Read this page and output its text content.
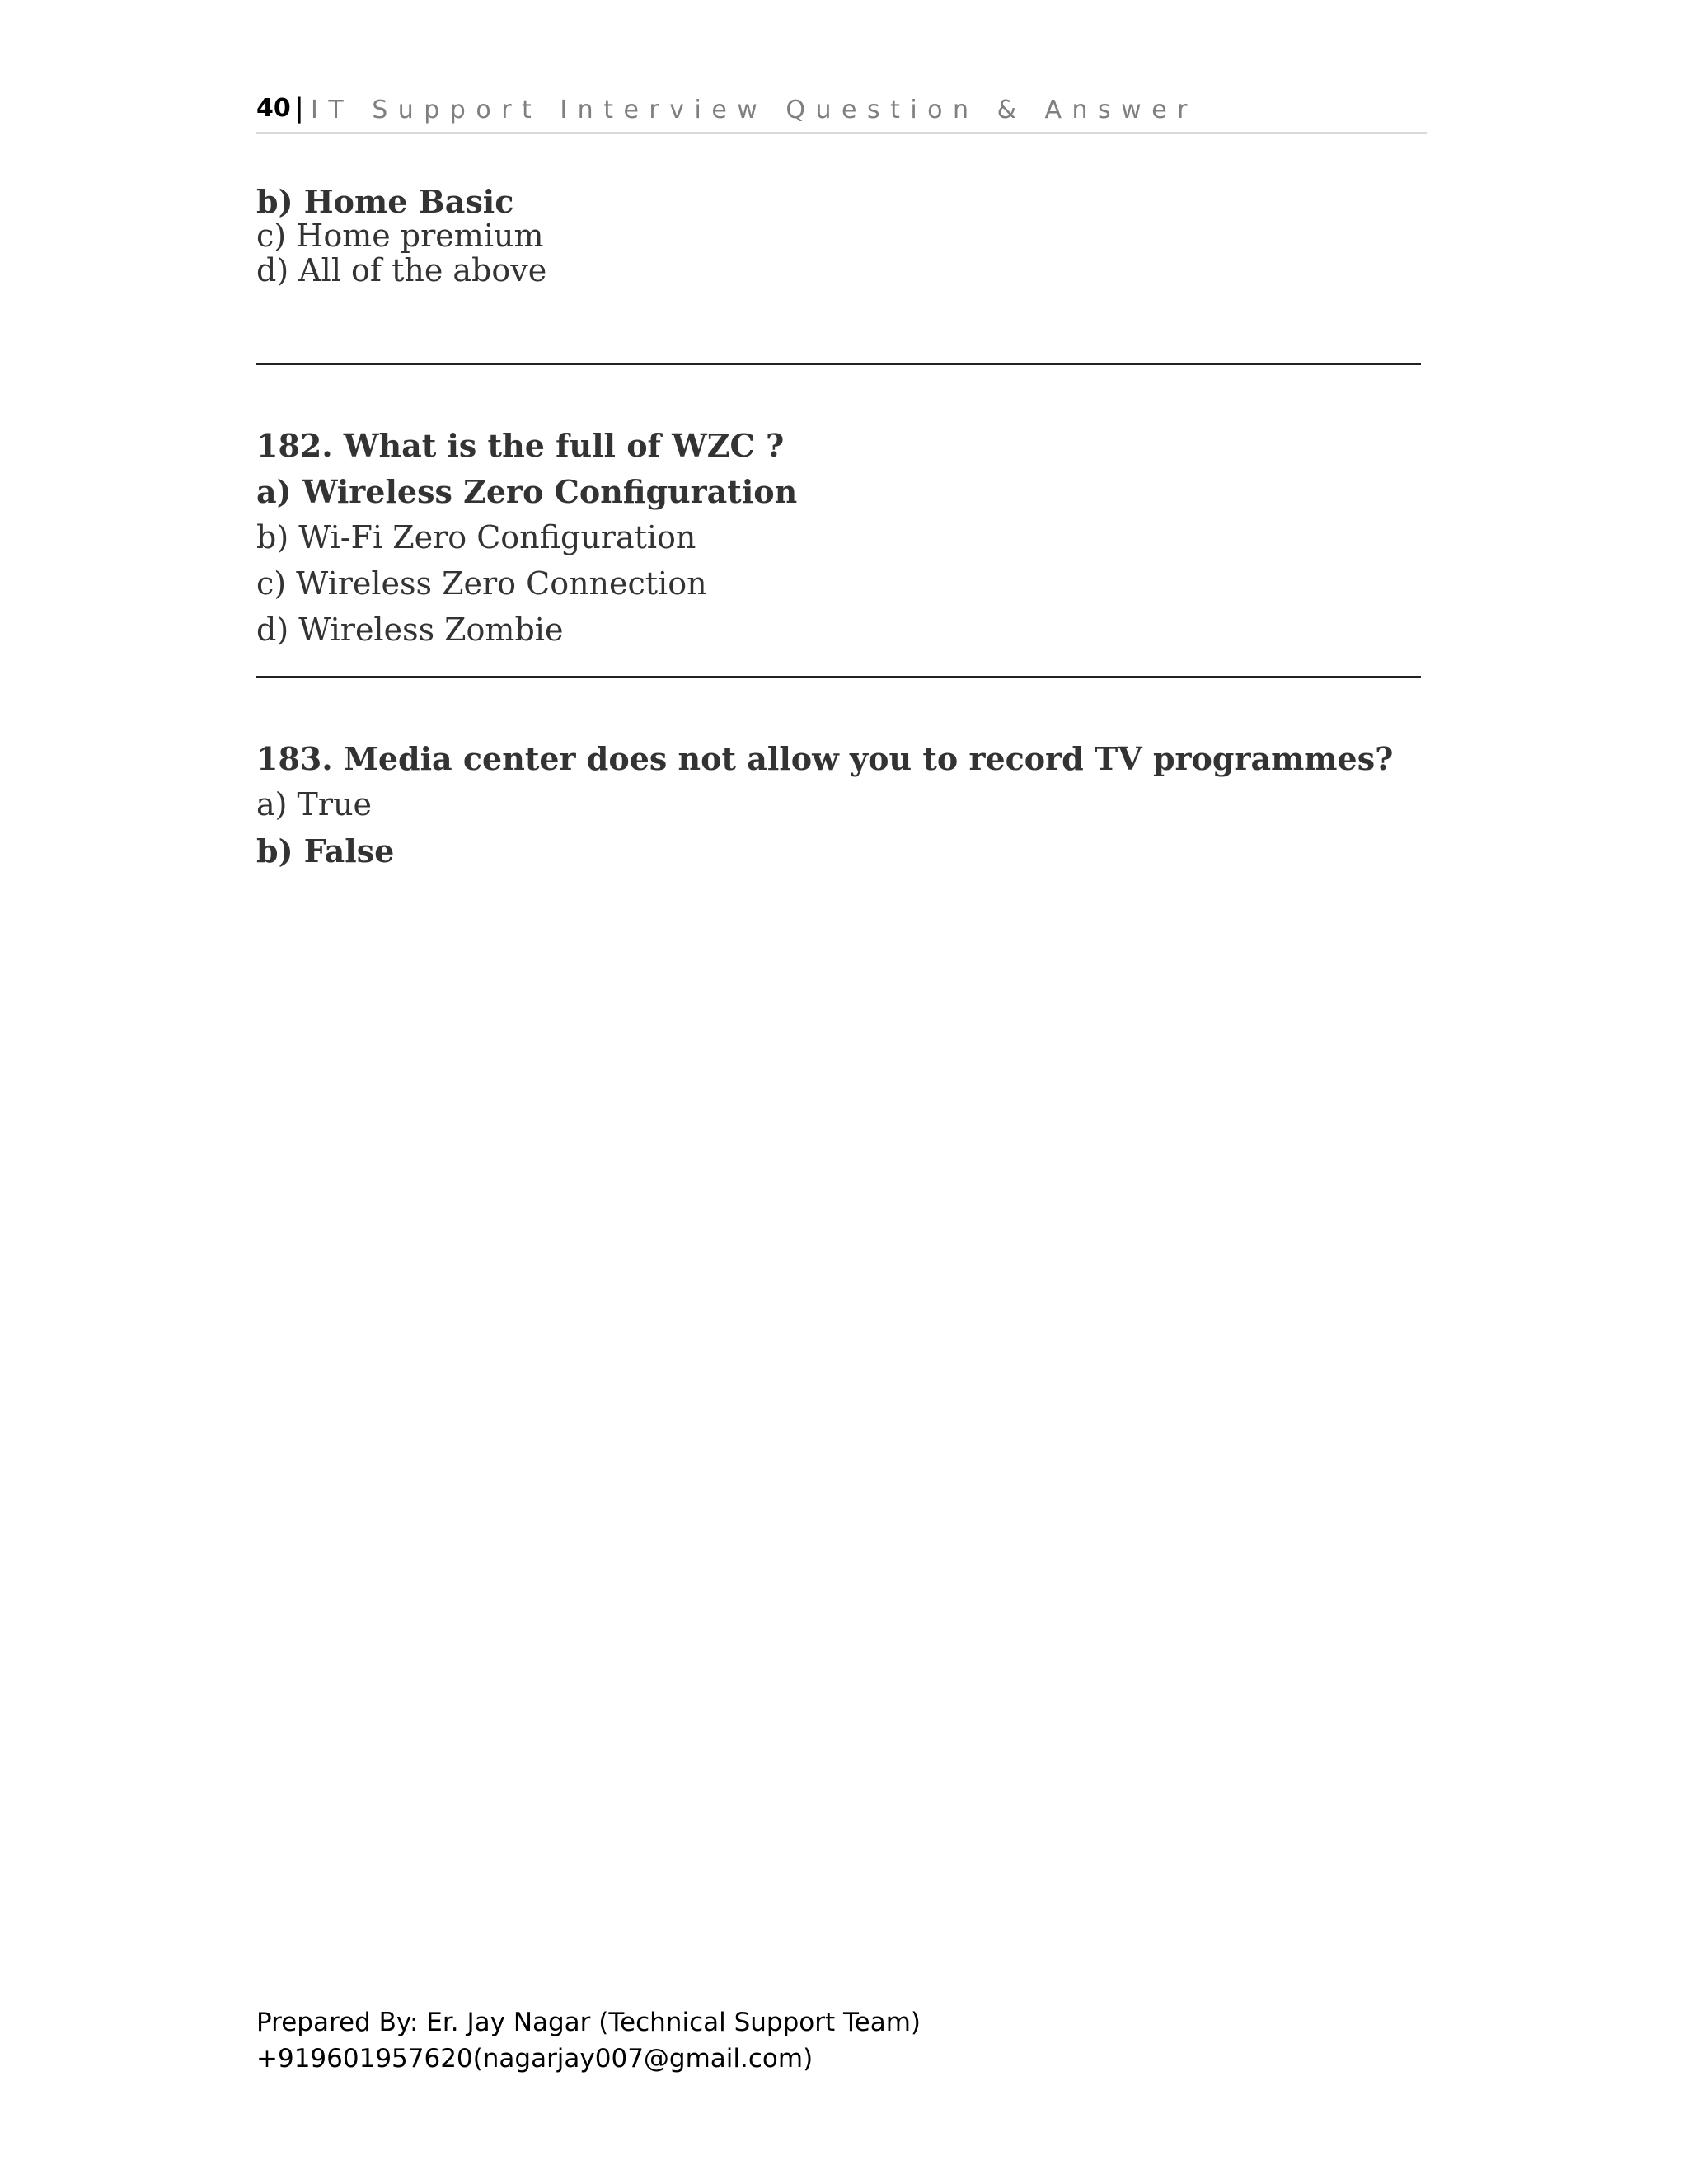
40 | IT Support Interview Question & Answer
b) Home Basic
c) Home premium
d) All of the above
182. What is the full of WZC ?
a) Wireless Zero Configuration
b) Wi-Fi Zero Configuration
c) Wireless Zero Connection
d) Wireless Zombie
183. Media center does not allow you to record TV programmes?
a) True
b) False
Prepared By: Er. Jay Nagar (Technical Support Team)
+919601957620(nagarjay007@gmail.com)
